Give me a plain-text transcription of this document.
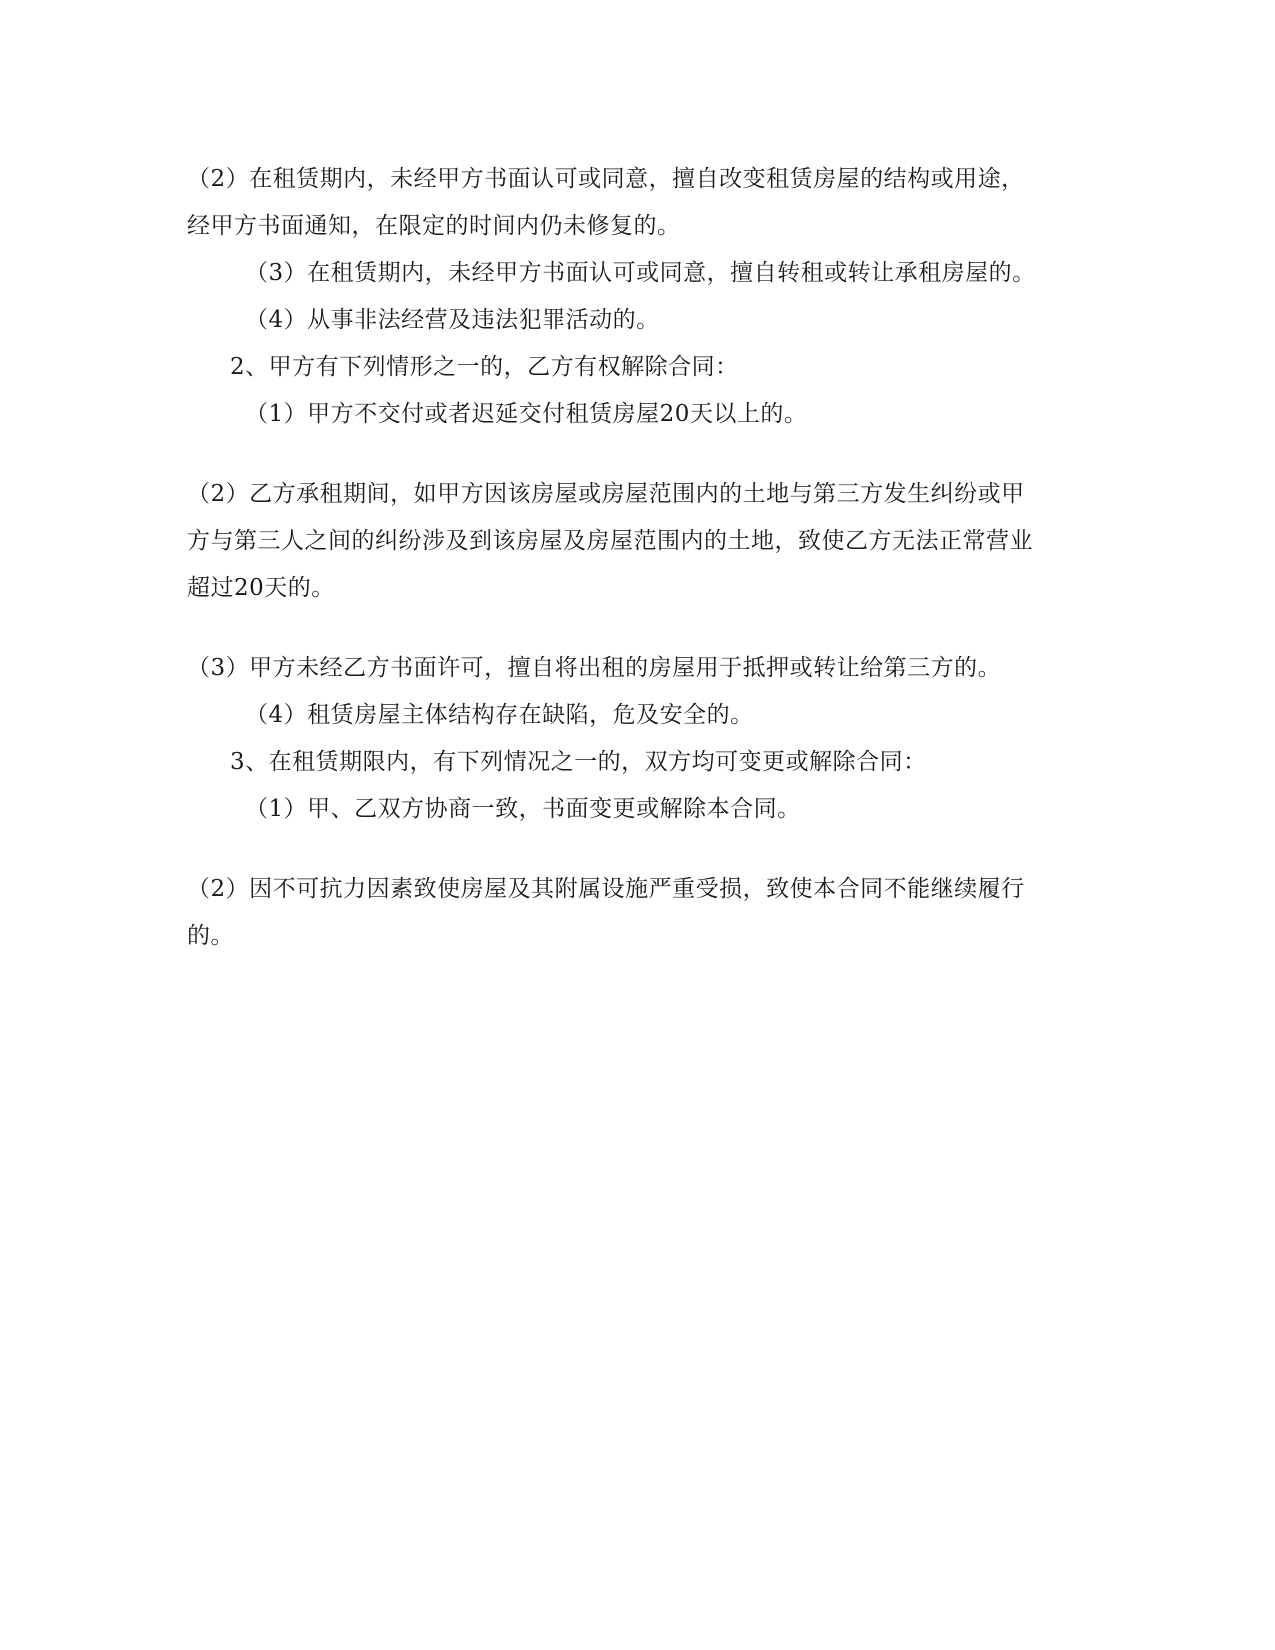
（2）在租赁期内，未经甲方书面认可或同意，擅自改变租赁房屋的结构或用途，

经甲方书面通知，在限定的时间内仍未修复的。

（3）在租赁期内，未经甲方书面认可或同意，擅自转租或转让承租房屋的。

（4）从事非法经营及违法犯罪活动的。

2、甲方有下列情形之一的，乙方有权解除合同：

（1）甲方不交付或者迟延交付租赁房屋20天以上的。

（2）乙方承租期间，如甲方因该房屋或房屋范围内的土地与第三方发生纠纷或甲

方与第三人之间的纠纷涉及到该房屋及房屋范围内的土地，致使乙方无法正常营业

超过20天的。

（3）甲方未经乙方书面许可，擅自将出租的房屋用于抵押或转让给第三方的。

（4）租赁房屋主体结构存在缺陷，危及安全的。

3、在租赁期限内，有下列情况之一的，双方均可变更或解除合同：

（1）甲、乙双方协商一致，书面变更或解除本合同。

（2）因不可抗力因素致使房屋及其附属设施严重受损，致使本合同不能继续履行

的。
